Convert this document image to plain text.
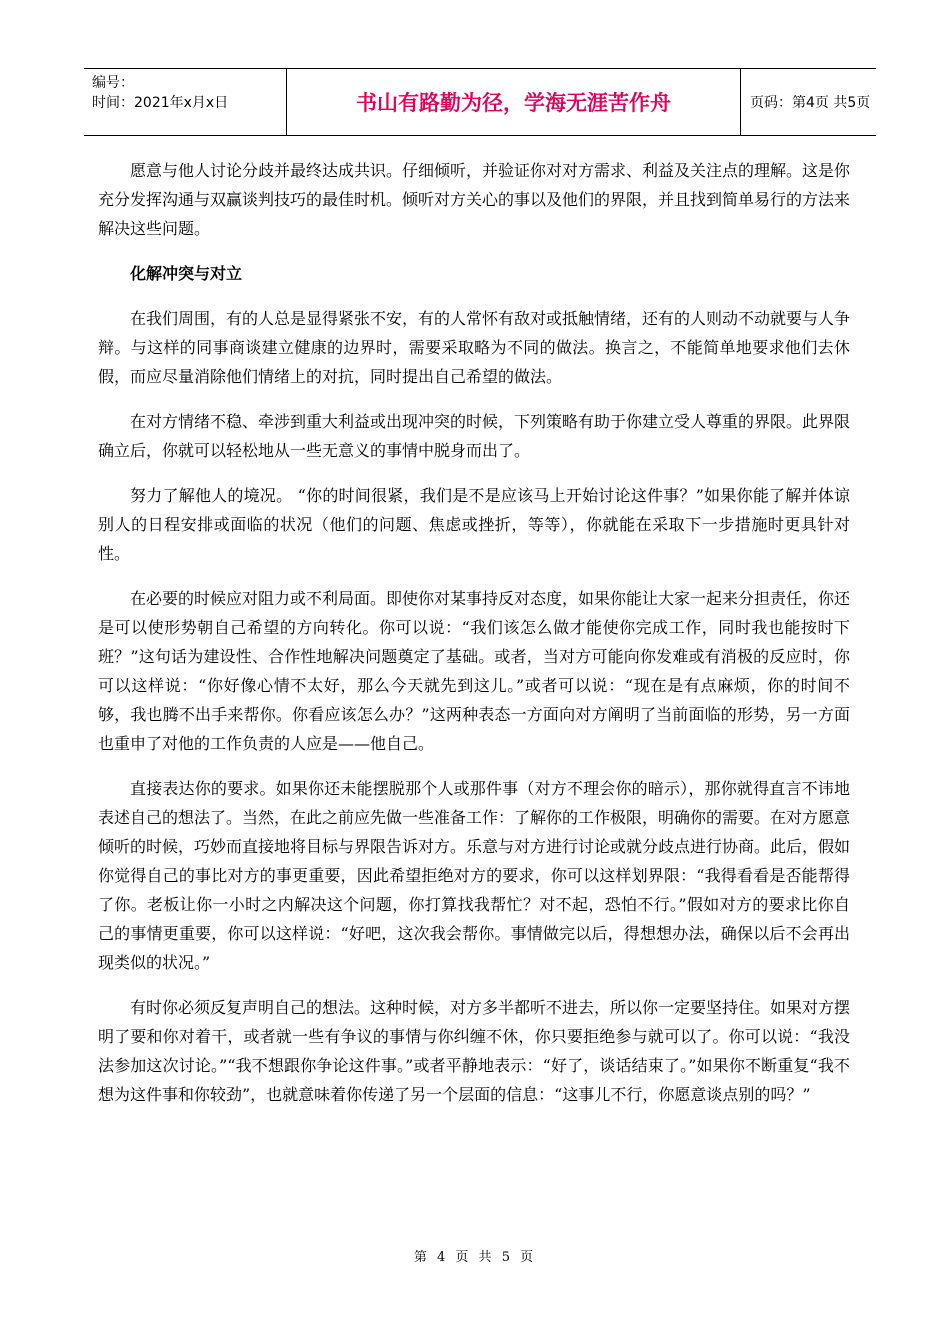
编号：
时间：2021年x月x日	书山有路勤为径，学海无涯苦作舟	页码：第4页 共5页

愿意与他人讨论分歧并最终达成共识。仔细倾听，并验证你对对方需求、利益及关注点的理解。这是你充分发挥沟通与双赢谈判技巧的最佳时机。倾听对方关心的事以及他们的界限，并且找到简单易行的方法来解决这些问题。

化解冲突与对立

在我们周围，有的人总是显得紧张不安，有的人常怀有敌对或抵触情绪，还有的人则动不动就要与人争辩。与这样的同事商谈建立健康的边界时，需要采取略为不同的做法。换言之，不能简单地要求他们去休假，而应尽量消除他们情绪上的对抗，同时提出自己希望的做法。

在对方情绪不稳、牵涉到重大利益或出现冲突的时候，下列策略有助于你建立受人尊重的界限。此界限确立后，你就可以轻松地从一些无意义的事情中脱身而出了。

努力了解他人的境况。 “你的时间很紧，我们是不是应该马上开始讨论这件事？”如果你能了解并体谅别人的日程安排或面临的状况（他们的问题、焦虑或挫折，等等），你就能在采取下一步措施时更具针对性。

在必要的时候应对阻力或不利局面。即使你对某事持反对态度，如果你能让大家一起来分担责任，你还是可以使形势朝自己希望的方向转化。你可以说：“我们该怎么做才能使你完成工作，同时我也能按时下班？”这句话为建设性、合作性地解决问题奠定了基础。或者，当对方可能向你发难或有消极的反应时，你可以这样说：“你好像心情不太好，那么今天就先到这儿。”或者可以说：“现在是有点麻烦，你的时间不够，我也腾不出手来帮你。你看应该怎么办？”这两种表态一方面向对方阐明了当前面临的形势，另一方面也重申了对他的工作负责的人应是——他自己。

直接表达你的要求。如果你还未能摆脱那个人或那件事（对方不理会你的暗示），那你就得直言不讳地表述自己的想法了。当然，在此之前应先做一些准备工作：了解你的工作极限，明确你的需要。在对方愿意倾听的时候，巧妙而直接地将目标与界限告诉对方。乐意与对方进行讨论或就分歧点进行协商。此后，假如你觉得自己的事比对方的事更重要，因此希望拒绝对方的要求，你可以这样划界限：“我得看看是否能帮得了你。老板让你一小时之内解决这个问题，你打算找我帮忙？对不起，恐怕不行。”假如对方的要求比你自己的事情更重要，你可以这样说：“好吧，这次我会帮你。事情做完以后，得想想办法，确保以后不会再出现类似的状况。”

有时你必须反复声明自己的想法。这种时候，对方多半都听不进去，所以你一定要坚持住。如果对方摆明了要和你对着干，或者就一些有争议的事情与你纠缠不休，你只要拒绝参与就可以了。你可以说：“我没法参加这次讨论。”“我不想跟你争论这件事。”或者平静地表示：“好了，谈话结束了。”如果你不断重复“我不想为这件事和你较劲”，也就意味着你传递了另一个层面的信息：“这事儿不行，你愿意谈点别的吗？”

第 4 页 共 5 页
